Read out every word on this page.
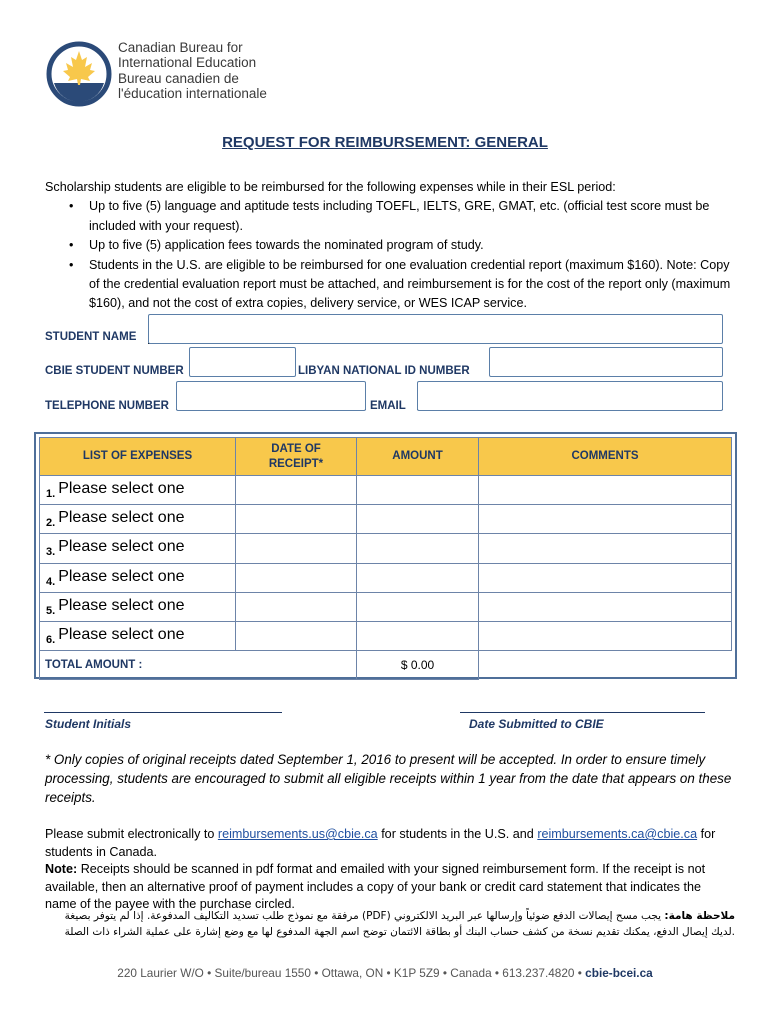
Canadian Bureau for
International Education
Bureau canadien de
l'éducation internationale
REQUEST FOR REIMBURSEMENT: GENERAL
Scholarship students are eligible to be reimbursed for the following expenses while in their ESL period:
• Up to five (5) language and aptitude tests including TOEFL, IELTS, GRE, GMAT, etc. (official test score must be included with your request).
• Up to five (5) application fees towards the nominated program of study.
• Students in the U.S. are eligible to be reimbursed for one evaluation credential report (maximum $160). Note: Copy of the credential evaluation report must be attached, and reimbursement is for the cost of the report only (maximum $160), and not the cost of extra copies, delivery service, or WES ICAP service.
STUDENT NAME
CBIE STUDENT NUMBER	LIBYAN NATIONAL ID NUMBER
TELEPHONE NUMBER	EMAIL
LIST OF EXPENSES	DATE OF RECEIPT*	AMOUNT	COMMENTS
$_{1.}$ Please select one			
$_{2.}$ Please select one			
$_{3.}$ Please select one			
$_{4.}$ Please select one			
$_{5.}$ Please select one			
$_{6.}$ Please select one			
TOTAL AMOUNT :		$ 0.00	
Student Initials	Date Submitted to CBIE
* Only copies of original receipts dated September 1, 2016 to present will be accepted. In order to ensure timely processing, students are encouraged to submit all eligible receipts within 1 year from the date that appears on these receipts.
Please submit electronically to reimbursements.us@cbie.ca for students in the U.S. and reimbursements.ca@cbie.ca for students in Canada.
Note: Receipts should be scanned in pdf format and emailed with your signed reimbursement form. If the receipt is not available, then an alternative proof of payment includes a copy of your bank or credit card statement that indicates the name of the payee with the purchase circled.
ملاحظة هامة: يجب مسح إيصالات الدفع ضوئياً وإرسالها عبر البريد الالكتروني (PDF) مرفقة مع نموذج طلب تسديد التكاليف المدفوعة. إذا لم يتوفر بصيغة .لديك إيصال الدفع، يمكنك تقديم نسخة من كشف حساب البنك أو بطاقة الائتمان توضح اسم الجهة المدفوع لها مع وضع إشارة على عملية الشراء ذات الصلة
220 Laurier W/O • Suite/bureau 1550 • Ottawa, ON • K1P 5Z9 • Canada • 613.237.4820 • cbie-bcei.ca
